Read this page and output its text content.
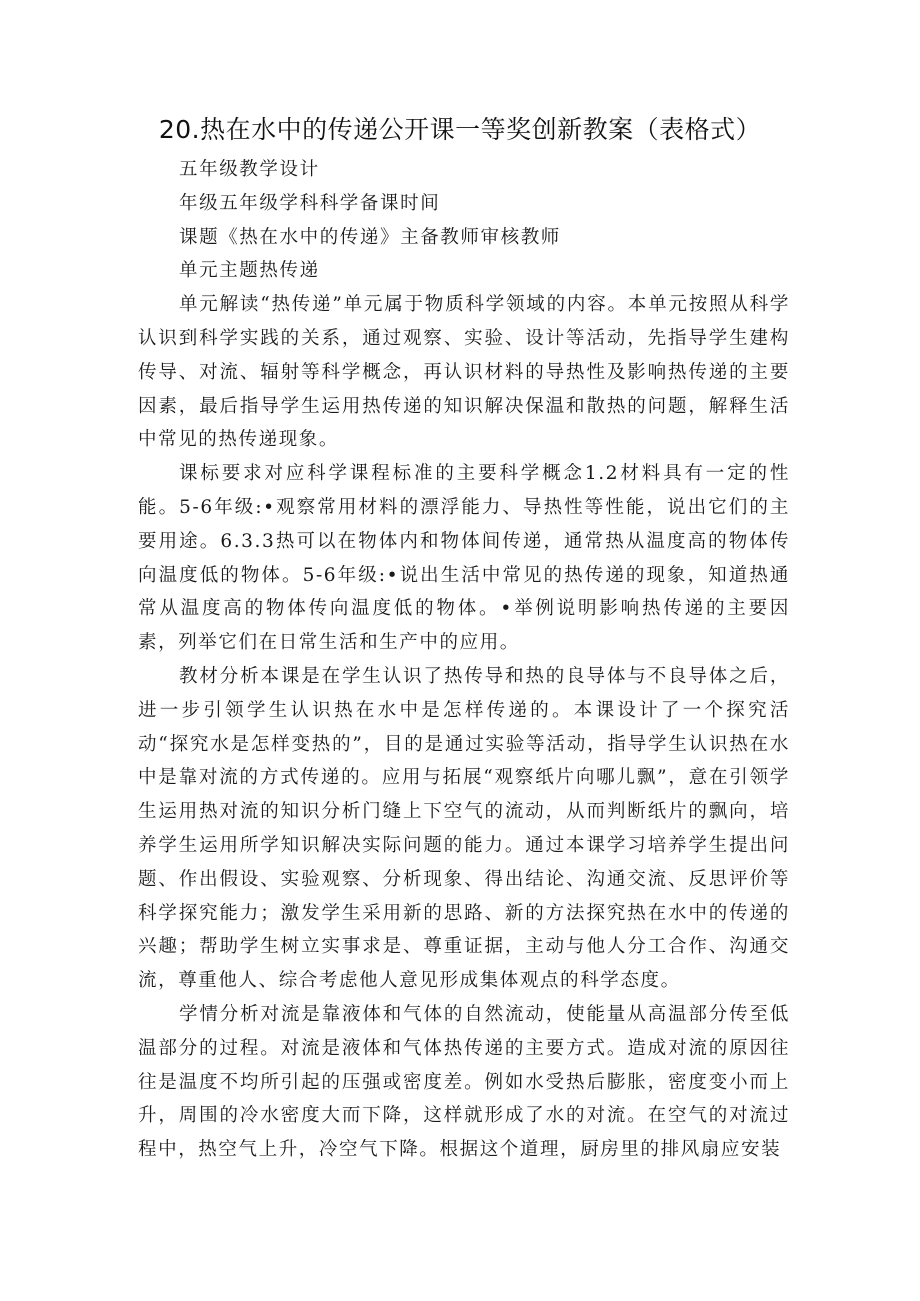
20.热在水中的传递公开课一等奖创新教案（表格式）

五年级教学设计

年级五年级学科科学备课时间

课题《热在水中的传递》主备教师审核教师

单元主题热传递

单元解读“热传递”单元属于物质科学领域的内容。本单元按照从科学认识到科学实践的关系，通过观察、实验、设计等活动，先指导学生建构传导、对流、辐射等科学概念，再认识材料的导热性及影响热传递的主要因素，最后指导学生运用热传递的知识解决保温和散热的问题，解释生活中常见的热传递现象。

课标要求对应科学课程标准的主要科学概念1.2材料具有一定的性能。5-6年级:•观察常用材料的漂浮能力、导热性等性能，说出它们的主要用途。6.3.3热可以在物体内和物体间传递，通常热从温度高的物体传向温度低的物体。5-6年级:•说出生活中常见的热传递的现象，知道热通常从温度高的物体传向温度低的物体。•举例说明影响热传递的主要因素，列举它们在日常生活和生产中的应用。

教材分析本课是在学生认识了热传导和热的良导体与不良导体之后，进一步引领学生认识热在水中是怎样传递的。本课设计了一个探究活动“探究水是怎样变热的”，目的是通过实验等活动，指导学生认识热在水中是靠对流的方式传递的。应用与拓展“观察纸片向哪儿飘”，意在引领学生运用热对流的知识分析门缝上下空气的流动，从而判断纸片的飘向，培养学生运用所学知识解决实际问题的能力。通过本课学习培养学生提出问题、作出假设、实验观察、分析现象、得出结论、沟通交流、反思评价等科学探究能力；激发学生采用新的思路、新的方法探究热在水中的传递的兴趣；帮助学生树立实事求是、尊重证据，主动与他人分工合作、沟通交流，尊重他人、综合考虑他人意见形成集体观点的科学态度。

学情分析对流是靠液体和气体的自然流动，使能量从高温部分传至低温部分的过程。对流是液体和气体热传递的主要方式。造成对流的原因往往是温度不均所引起的压强或密度差。例如水受热后膨胀，密度变小而上升，周围的冷水密度大而下降，这样就形成了水的对流。在空气的对流过程中，热空气上升，冷空气下降。根据这个道理，厨房里的排风扇应安装
